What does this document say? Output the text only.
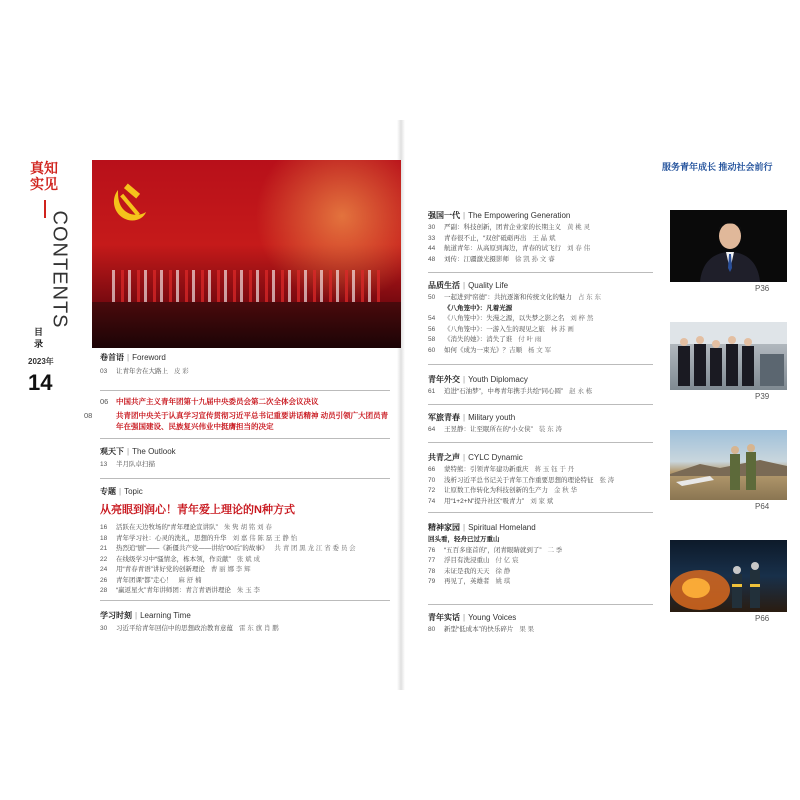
真知
实见
CONTENTS
目录
2023年
14
卷首语 | Foreword
03 让青年舍在大路上 皮 彩
06 中国共产主义青年团第十九届中央委员会第二次全体会议决议
08	共青团中央关于认真学习宣传贯彻习近平总书记重要讲话精神 动员引领广大团员青年在强国建设、民族复兴伟业中挺膺担当的决定
观天下 | The Outlook
13 半月队卓扫描
专题 | Topic
从亮眼到润心！青年爱上理论的N种方式
16 活跃在天边牧场的“青年理论宣讲队” 朱 隽 胡 铭 刘 春
18 青年学习社：心灵的洗礼，思想的升华 刘 嘉 伟 陈 磊 王 静 怡
21 热烈追“剧”——《新僵共产党——讲给“00后”的故事》 共 青 团 黑 龙 江 省 委 员 会
22 在线级学习中“骚情念，栋本领，作贡献” 张 斌 成
24 用“青春青语”讲好党的创新理论 曹 丽 娜 李 辉
26 青年团课“都”走心！ 麻 舒 楠
28 “赢返星火”青年讲师团：青言青语讲理论 朱 玉 李
学习时刻 | Learning Time
30 习近平给青年回信中的思想政治教育意蕴 雷 东 旗 肖 鹏
服务青年成长 推动社会前行
强国一代 | The Empowering Generation
30 严副：科技创新，团青企业家的长期主义 黄 桃 灵
33 青春很不止，“双创”砥砺再出 王 晶 斌
44 航道青年：从高原到海边，青春的试飞行 刘 春 伟
48 刘传：江疆激光摄影师 徐 凯 孙 文 睿
品质生活 | Quality Life
50 一起进到“窑德”：共抗逐渐和传统文化的魅力 占 东 东
《八角笼中》：凡着光源
54 《八角笼中》：失漫之源，以失梦之影之名 刘 梓 然
56 《八角笼中》：一游入生的现见之旅 林 苏 画
58 《消失的她》：消失了谁 付 叶 雨
60 如何《成为一束光》？吉顺 杨 文 军
青年外交 | Youth Diplomacy
61 追进“石油梦”，中粤青年携手共绘“同心圆” 赵 永 栋
军旅青春 | Military youth
64 王昱静：让至眠所在的“小女侠” 装 东 涛
共青之声 | CYLC Dynamic
66 蒙特熊：引领青年建功新重庆 蒋 玉 钰 于 丹
70 浅析习近平总书记关于青年工作重要思想的理论特征 张 涛
72 让原数工作转化为科技创新的生产力 金 秋 华
74 用“1+2+N”提升社区“吸青力” 刘 家 斌
精神家园 | Spiritual Homeland
回头看，轻舟已过万重山
76 “五百多座首的”，闭青眼睛就到了” 二 季
77 浮目有洗浸重山 付 亿 宸
78 未证是我的天天 徐 静
79 再见了，英雄者 姚 琪
青年实话 | Young Voices
80 新型“低成本”的快乐碎片 果 果
P36
P39
P64
P66
